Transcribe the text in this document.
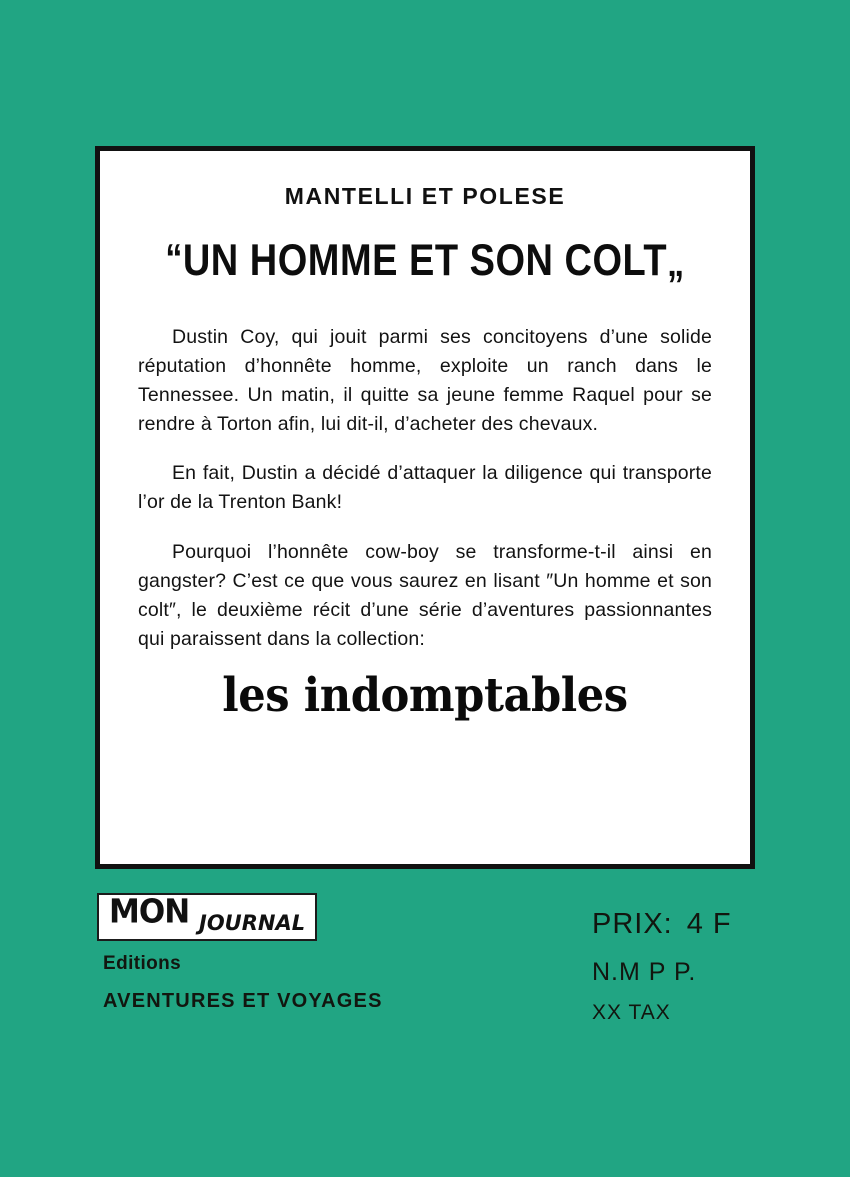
MANTELLI ET POLESE
“UN HOMME ET SON COLT„

Dustin Coy, qui jouit parmi ses concitoyens d’une solide réputation d’honnête homme, exploite un ranch dans le Tennessee. Un matin, il quitte sa jeune femme Raquel pour se rendre à Torton afin, lui dit-il, d’acheter des chevaux.

En fait, Dustin a décidé d’attaquer la diligence qui transporte l’or de la Trenton Bank!

Pourquoi l’honnête cow-boy se transforme-t-il ainsi en gangster? C’est ce que vous saurez en lisant ″Un homme et son colt″, le deuxième récit d’une série d’aventures passionnantes qui paraissent dans la collection:

les indomptables
MON JOURNAL
Editions
AVENTURES ET VOYAGES
PRIX: 4 F
N.M P P.
XX TAX
